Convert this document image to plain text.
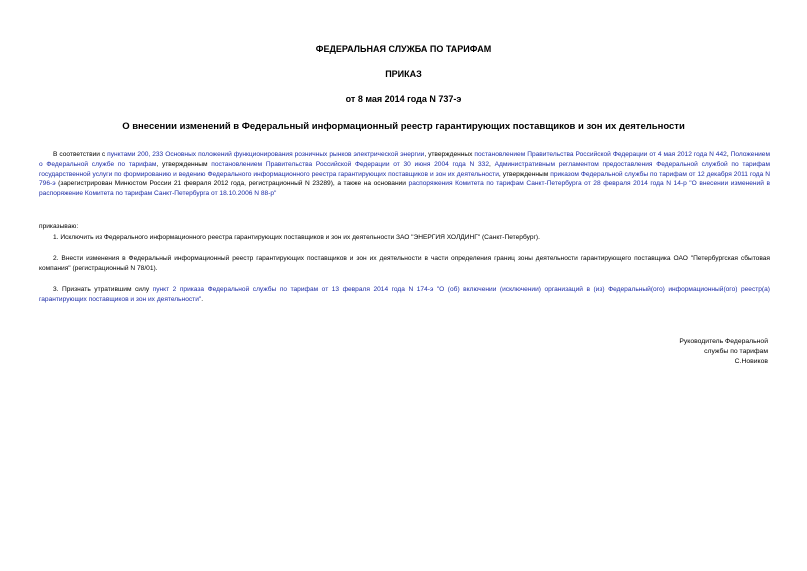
ФЕДЕРАЛЬНАЯ СЛУЖБА ПО ТАРИФАМ

ПРИКАЗ

от 8 мая 2014 года N 737-э

О внесении изменений в Федеральный информационный реестр гарантирующих поставщиков и зон их деятельности

В соответствии с пунктами 200, 233 Основных положений функционирования розничных рынков электрической энергии, утвержденных постановлением Правительства Российской Федерации от 4 мая 2012 года N 442, Положением о Федеральной службе по тарифам, утвержденным постановлением Правительства Российской Федерации от 30 июня 2004 года N 332, Административным регламентом предоставления Федеральной службой по тарифам государственной услуги по формированию и ведению Федерального информационного реестра гарантирующих поставщиков и зон их деятельности, утвержденным приказом Федеральной службы по тарифам от 12 декабря 2011 года N 796-э (зарегистрирован Минюстом России 21 февраля 2012 года, регистрационный N 23289), а также на основании распоряжения Комитета по тарифам Санкт-Петербурга от 28 февраля 2014 года N 14-р "О внесении изменений в распоряжение Комитета по тарифам Санкт-Петербурга от 18.10.2006 N 88-р"

приказываю:

1. Исключить из Федерального информационного реестра гарантирующих поставщиков и зон их деятельности ЗАО "ЭНЕРГИЯ ХОЛДИНГ" (Санкт-Петербург).

2. Внести изменения в Федеральный информационный реестр гарантирующих поставщиков и зон их деятельности в части определения границ зоны деятельности гарантирующего поставщика ОАО "Петербургская сбытовая компания" (регистрационный N 78/01).

3. Признать утратившим силу пункт 2 приказа Федеральной службы по тарифам от 13 февраля 2014 года N 174-э "О (об) включении (исключении) организаций в (из) Федеральный(ого) информационный(ого) реестр(а) гарантирующих поставщиков и зон их деятельности".

Руководитель Федеральной
службы по тарифам
С.Новиков
